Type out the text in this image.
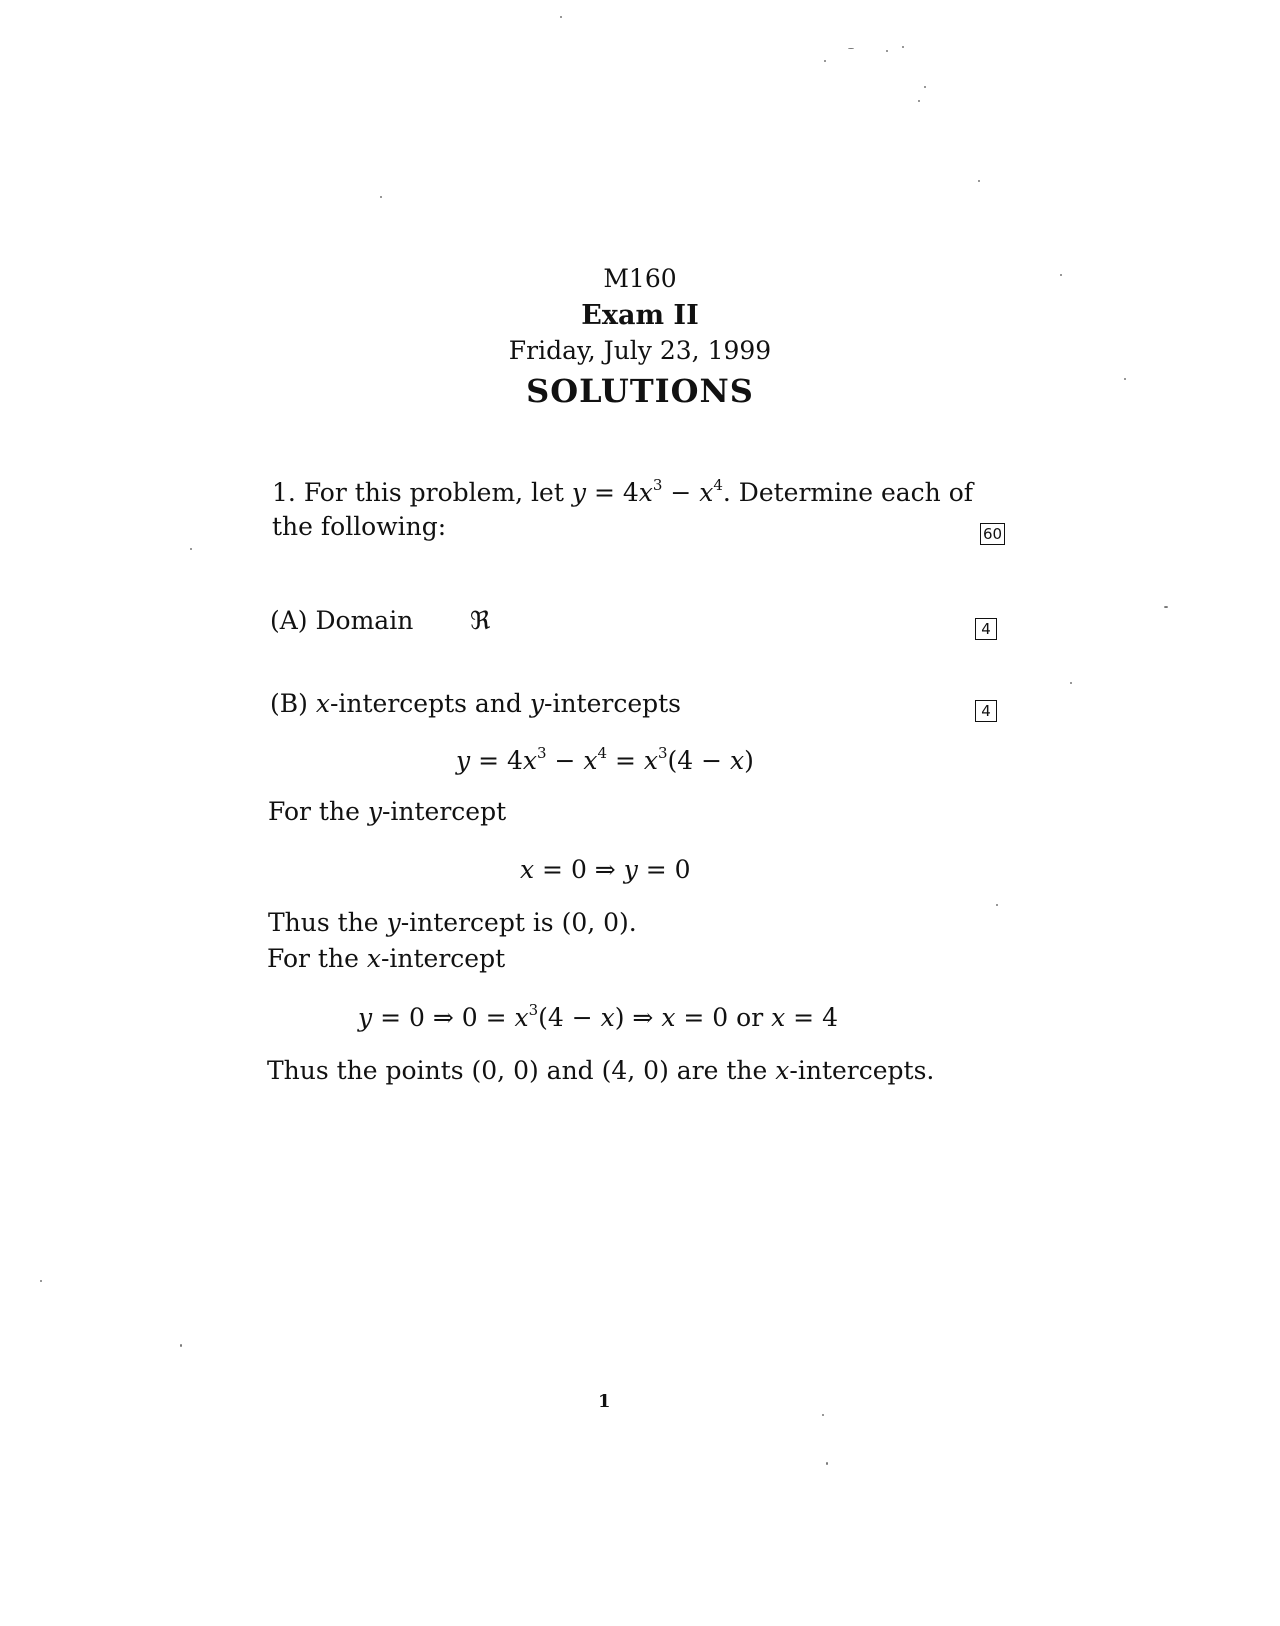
M160
Exam II
Friday, July 23, 1999
SOLUTIONS
1. For this problem, let $y = 4x^3 - x^4$. Determine each of
the following:	60
(A) Domain ℜ	4
(B) x-intercepts and y-intercepts	4
$y = 4x^3 - x^4 = x^3(4 - x)$
For the y-intercept
x = 0 ⇒ y = 0
Thus the y-intercept is (0, 0).
For the x-intercept
y = 0 ⇒ $0 = x^3(4 - x)$ ⇒ x = 0 or x = 4
Thus the points (0, 0) and (4, 0) are the x-intercepts.
1
